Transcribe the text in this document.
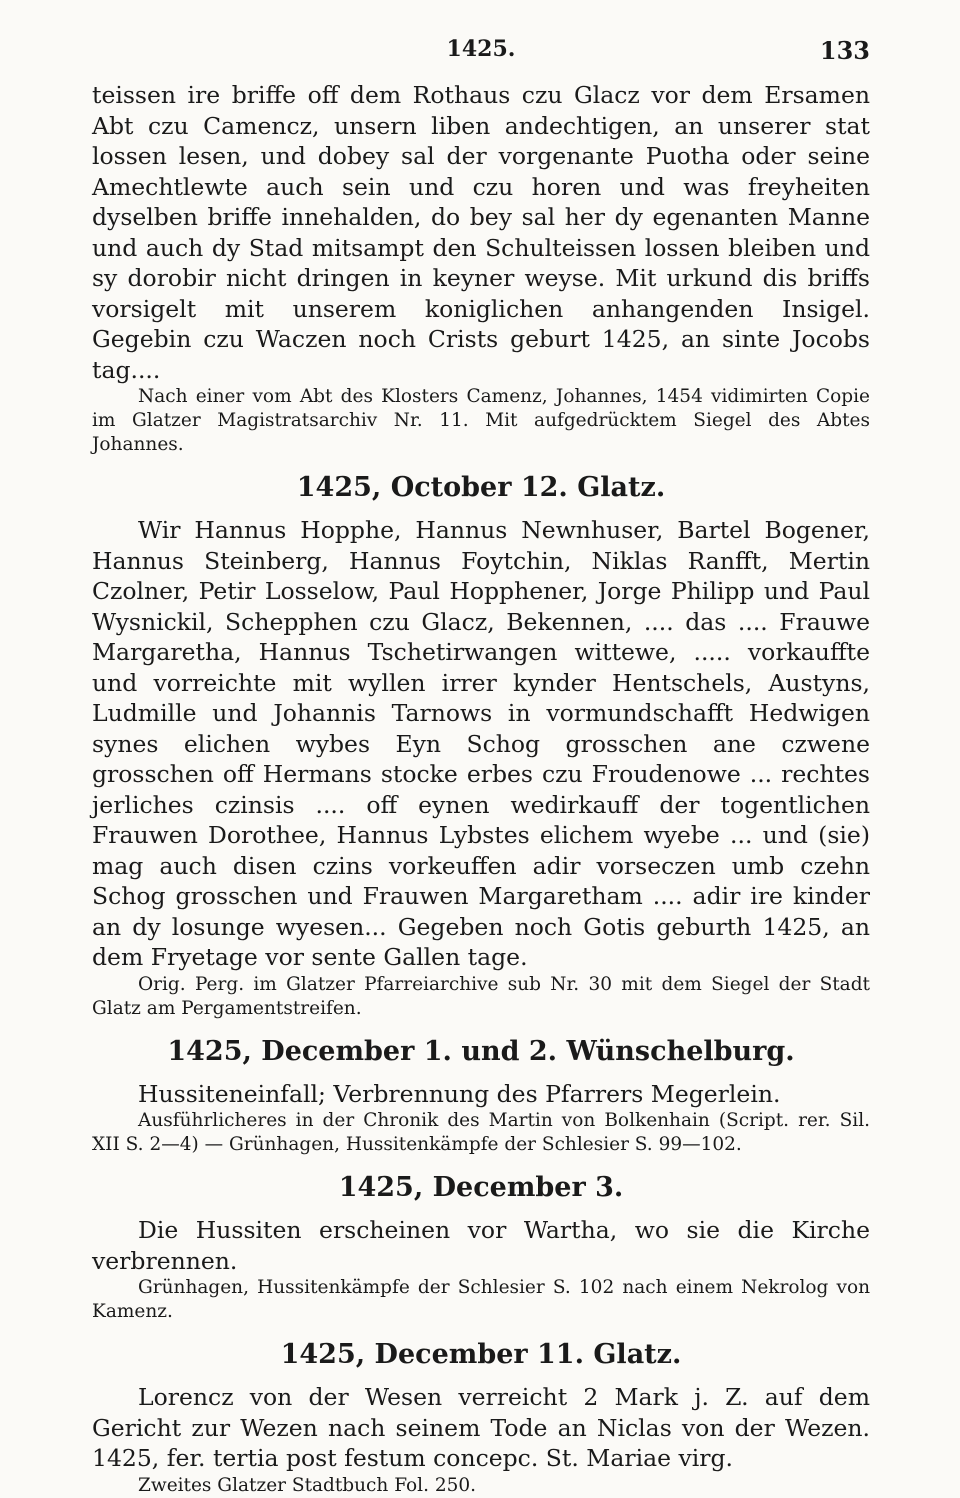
1425.	133

teissen ire briffe off dem Rothaus czu Glacz vor dem Ersamen Abt czu Camencz, unsern liben andechtigen, an unserer stat lossen lesen, und dobey sal der vorgenante Puotha oder seine Amechtlewte auch sein und czu horen und was freyheiten dyselben briffe innehalden, do bey sal her dy egenanten Manne und auch dy Stad mitsampt den Schulteissen lossen bleiben und sy dorobir nicht dringen in keyner weyse. Mit urkund dis briffs vorsigelt mit unserem koniglichen anhangenden Insigel. Gegebin czu Waczen noch Crists geburt 1425, an sinte Jocobs tag....

Nach einer vom Abt des Klosters Camenz, Johannes, 1454 vidimirten Copie im Glatzer Magistratsarchiv Nr. 11. Mit aufgedrücktem Siegel des Abtes Johannes.

1425, October 12. Glatz.

Wir Hannus Hopphe, Hannus Newnhuser, Bartel Bogener, Hannus Steinberg, Hannus Foytchin, Niklas Ranfft, Mertin Czolner, Petir Losselow, Paul Hopphener, Jorge Philipp und Paul Wysnickil, Schepphen czu Glacz, Bekennen, .... das .... Frauwe Margaretha, Hannus Tschetirwangen wittewe, ..... vorkauffte und vorreichte mit wyllen irrer kynder Hentschels, Austyns, Ludmille und Johannis Tarnows in vormundschafft Hedwigen synes elichen wybes Eyn Schog grosschen ane czwene grosschen off Hermans stocke erbes czu Froudenowe ... rechtes jerliches czinsis .... off eynen wedirkauff der togentlichen Frauwen Dorothee, Hannus Lybstes elichem wyebe ... und (sie) mag auch disen czins vorkeuffen adir vorseczen umb czehn Schog grosschen und Frauwen Margaretham .... adir ire kinder an dy losunge wyesen... Gegeben noch Gotis geburth 1425, an dem Fryetage vor sente Gallen tage.

Orig. Perg. im Glatzer Pfarreiarchive sub Nr. 30 mit dem Siegel der Stadt Glatz am Pergamentstreifen.

1425, December 1. und 2. Wünschelburg.

Hussiteneinfall; Verbrennung des Pfarrers Megerlein.

Ausführlicheres in der Chronik des Martin von Bolkenhain (Script. rer. Sil. XII S. 2—4) — Grünhagen, Hussitenkämpfe der Schlesier S. 99—102.

1425, December 3.

Die Hussiten erscheinen vor Wartha, wo sie die Kirche verbrennen.

Grünhagen, Hussitenkämpfe der Schlesier S. 102 nach einem Nekrolog von Kamenz.

1425, December 11. Glatz.

Lorencz von der Wesen verreicht 2 Mark j. Z. auf dem Gericht zur Wezen nach seinem Tode an Niclas von der Wezen. 1425, fer. tertia post festum concepc. St. Mariae virg.

Zweites Glatzer Stadtbuch Fol. 250.
